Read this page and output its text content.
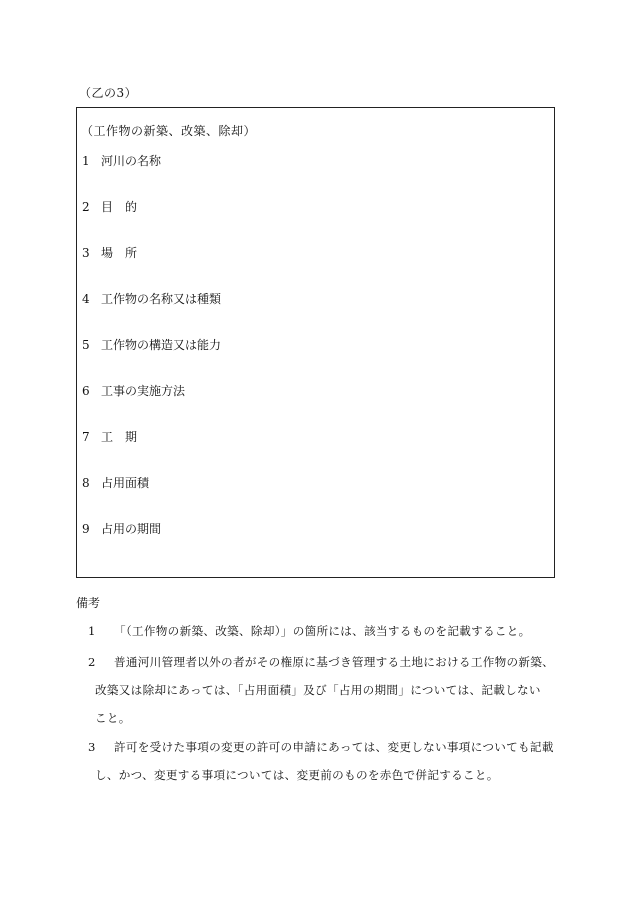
（乙の3）
（工作物の新築、改築、除却）
1 河川の名称
2 目　的
3 場　所
4 工作物の名称又は種類
5 工作物の構造又は能力
6 工事の実施方法
7 工　期
8 占用面積
9 占用の期間
備考
1 「（工作物の新築、改築、除却）」の箇所には、該当するものを記載すること。
2 普通河川管理者以外の者がその権原に基づき管理する土地における工作物の新築、
改築又は除却にあっては、「占用面積」及び「占用の期間」については、記載しない
こと。
3 許可を受けた事項の変更の許可の申請にあっては、変更しない事項についても記載
し、かつ、変更する事項については、変更前のものを赤色で併記すること。
